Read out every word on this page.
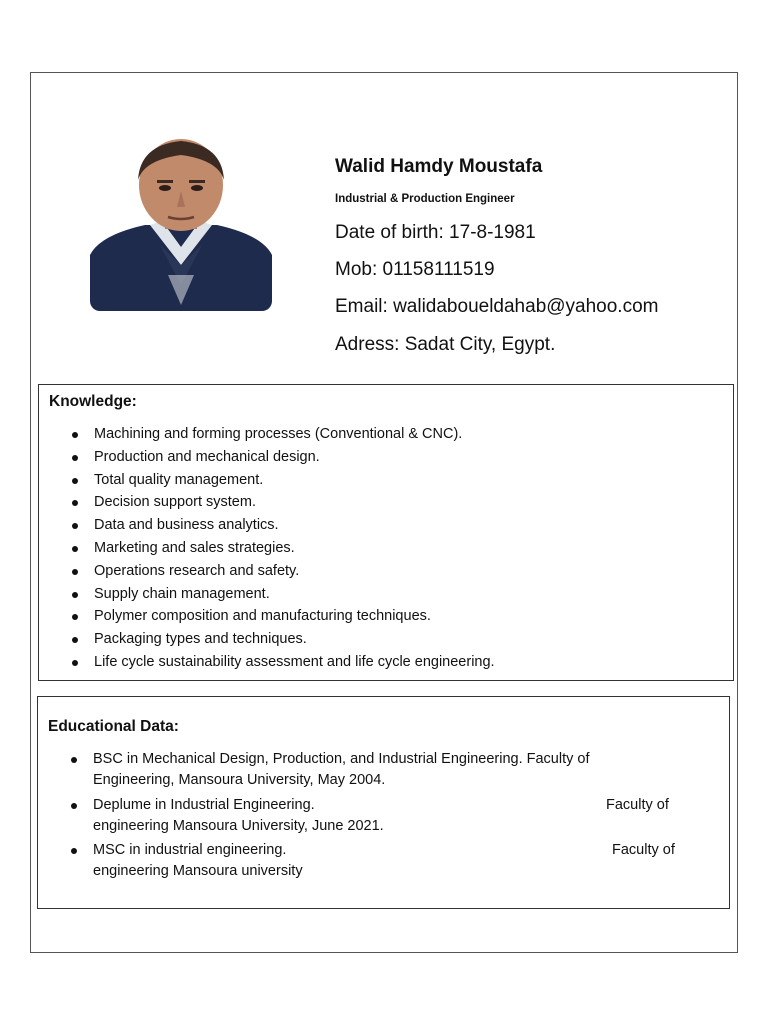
Walid Hamdy Moustafa
Industrial & Production Engineer
Date of birth: 17-8-1981
Mob: 01158111519
Email: walidaboueldahab@yahoo.com
Adress: Sadat City, Egypt.
Knowledge:
Machining and forming processes (Conventional & CNC).
Production and mechanical design.
Total quality management.
Decision support system.
Data and business analytics.
Marketing and sales strategies.
Operations research and safety.
Supply chain management.
Polymer composition and manufacturing techniques.
Packaging types and techniques.
Life cycle sustainability assessment and life cycle engineering.
Educational Data:
BSC in Mechanical Design, Production, and Industrial Engineering. Faculty of
Engineering, Mansoura University, May 2004.
Deplume in Industrial Engineering.	Faculty of
engineering Mansoura University, June 2021.
MSC in industrial engineering.	Faculty of
engineering Mansoura university
